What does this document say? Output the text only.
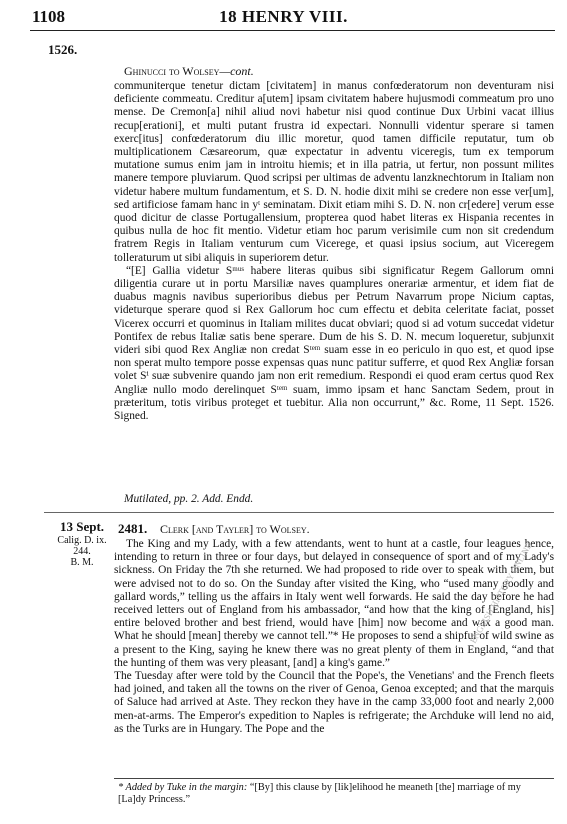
1108	18 HENRY VIII.
1526.
Ghinucci to Wolsey—cont.

communiterque tenetur dictam [civitatem] in manus confœderatorum non deventuram nisi deficiente commeatu. Creditur a[utem] ipsam civitatem habere hujusmodi commeatum pro uno mense. De Cremon[a] nihil aliud novi habetur nisi quod continue Dux Urbini vacat illius recup[erationi], et multi putant frustra id expectari. Nonnulli videntur sperare si tamen exerc[itus] confœderatorum diu illic moretur, quod tamen difficile reputatur, tum ob multiplicationem Cæsareorum, quæ expectatur in adventu viceregis, tum ex temporum mutatione sumus enim jam in introitu hiemis; et in illa patria, ut fertur, non possunt milites manere tempore pluviarum. Quod scripsi per ultimas de adventu lanzknechtorum in Italiam non videtur habere multum fundamentum, et S. D. N. hodie dixit mihi se credere non esse ver[um], sed artificiose famam hanc in yᵗ seminatam. Dixit etiam mihi S. D. N. non cr[edere] verum esse quod dicitur de classe Portugallensium, propterea quod habet literas ex Hispania recentes in quibus nulla de hoc fit mentio. Videtur etiam hoc parum verisimile cum non sit credendum fratrem Regis in Italiam venturum cum Vicerege, et quasi ipsius socium, aut Viceregem tolleraturum ut sibi aliquis in superiorem detur.

“[E] Gallia videtur Sᵐᵘˢ habere literas quibus sibi significatur Regem Gallorum omni diligentia curare ut in portu Marsiliæ naves quamplures onerariæ armentur, et idem fiat de duabus magnis navibus superioribus diebus per Petrum Navarrum prope Nicium captas, videturque sperare quod si Rex Gallorum hoc cum effectu et debita celeritate faciat, posset Vicerex occurri et quominus in Italiam milites ducat obviari; quod si ad votum succedat videtur Pontifex de rebus Italiæ satis bene sperare. Dum de his S. D. N. mecum loqueretur, subjunxit videri sibi quod Rex Angliæ non credat Sᵗᵉᵐ suam esse in eo periculo in quo est, et quod ipse non sperat multo tempore posse expensas quas nunc patitur sufferre, et quod Rex Angliæ forsan volet Sⁱ suæ subvenire quando jam non erit remedium. Respondi ei quod eram certus quod Rex Angliæ nullo modo derelinquet Sᵗᵉᵐ suam, immo ipsam et hanc Sanctam Sedem, prout in præteritum, totis viribus proteget et tuebitur. Alia non occurrunt,” &c. Rome, 11 Sept. 1526. Signed.

Mutilated, pp. 2. Add. Endd.
13 Sept.
Calig. D. ix.
244.
B. M.
2481. Clerk [and Tayler] to Wolsey.

The King and my Lady, with a few attendants, went to hunt at a castle, four leagues hence, intending to return in three or four days, but delayed in consequence of sport and of my Lady's sickness. On Friday the 7th she returned. We had proposed to ride over to speak with them, but were advised not to do so. On the Sunday after visited the King, who “used many goodly and gallard words,” telling us the affairs in Italy went well forwards. He said the day before he had received letters out of England from his ambassador, “and how that the king of [England, his] entire beloved brother and best friend, would have [him] now become and wax a good man. What he should [mean] thereby we cannot tell.”* He proposes to send a shipful of wild swine as a present to the King, saying he knew there was no great plenty of them in England, “and that the hunting of them was very pleasant, [and] a king's game.”

The Tuesday after were told by the Council that the Pope's, the Venetians' and the French fleets had joined, and taken all the towns on the river of Genoa, Genoa excepted; and that the marquis of Saluce had arrived at Aste. They reckon they have in the camp 33,000 foot and nearly 2,000 men-at-arms. The Emperor's expedition to Naples is refrigerate; the Archduke will lend no aid, as the Turks are in Hungary. The Pope and the

* Added by Tuke in the margin: “[By] this clause by [lik]elihood he meaneth [the] marriage of my [La]dy Princess.”
ENGLISH HISTORY ONLINE
